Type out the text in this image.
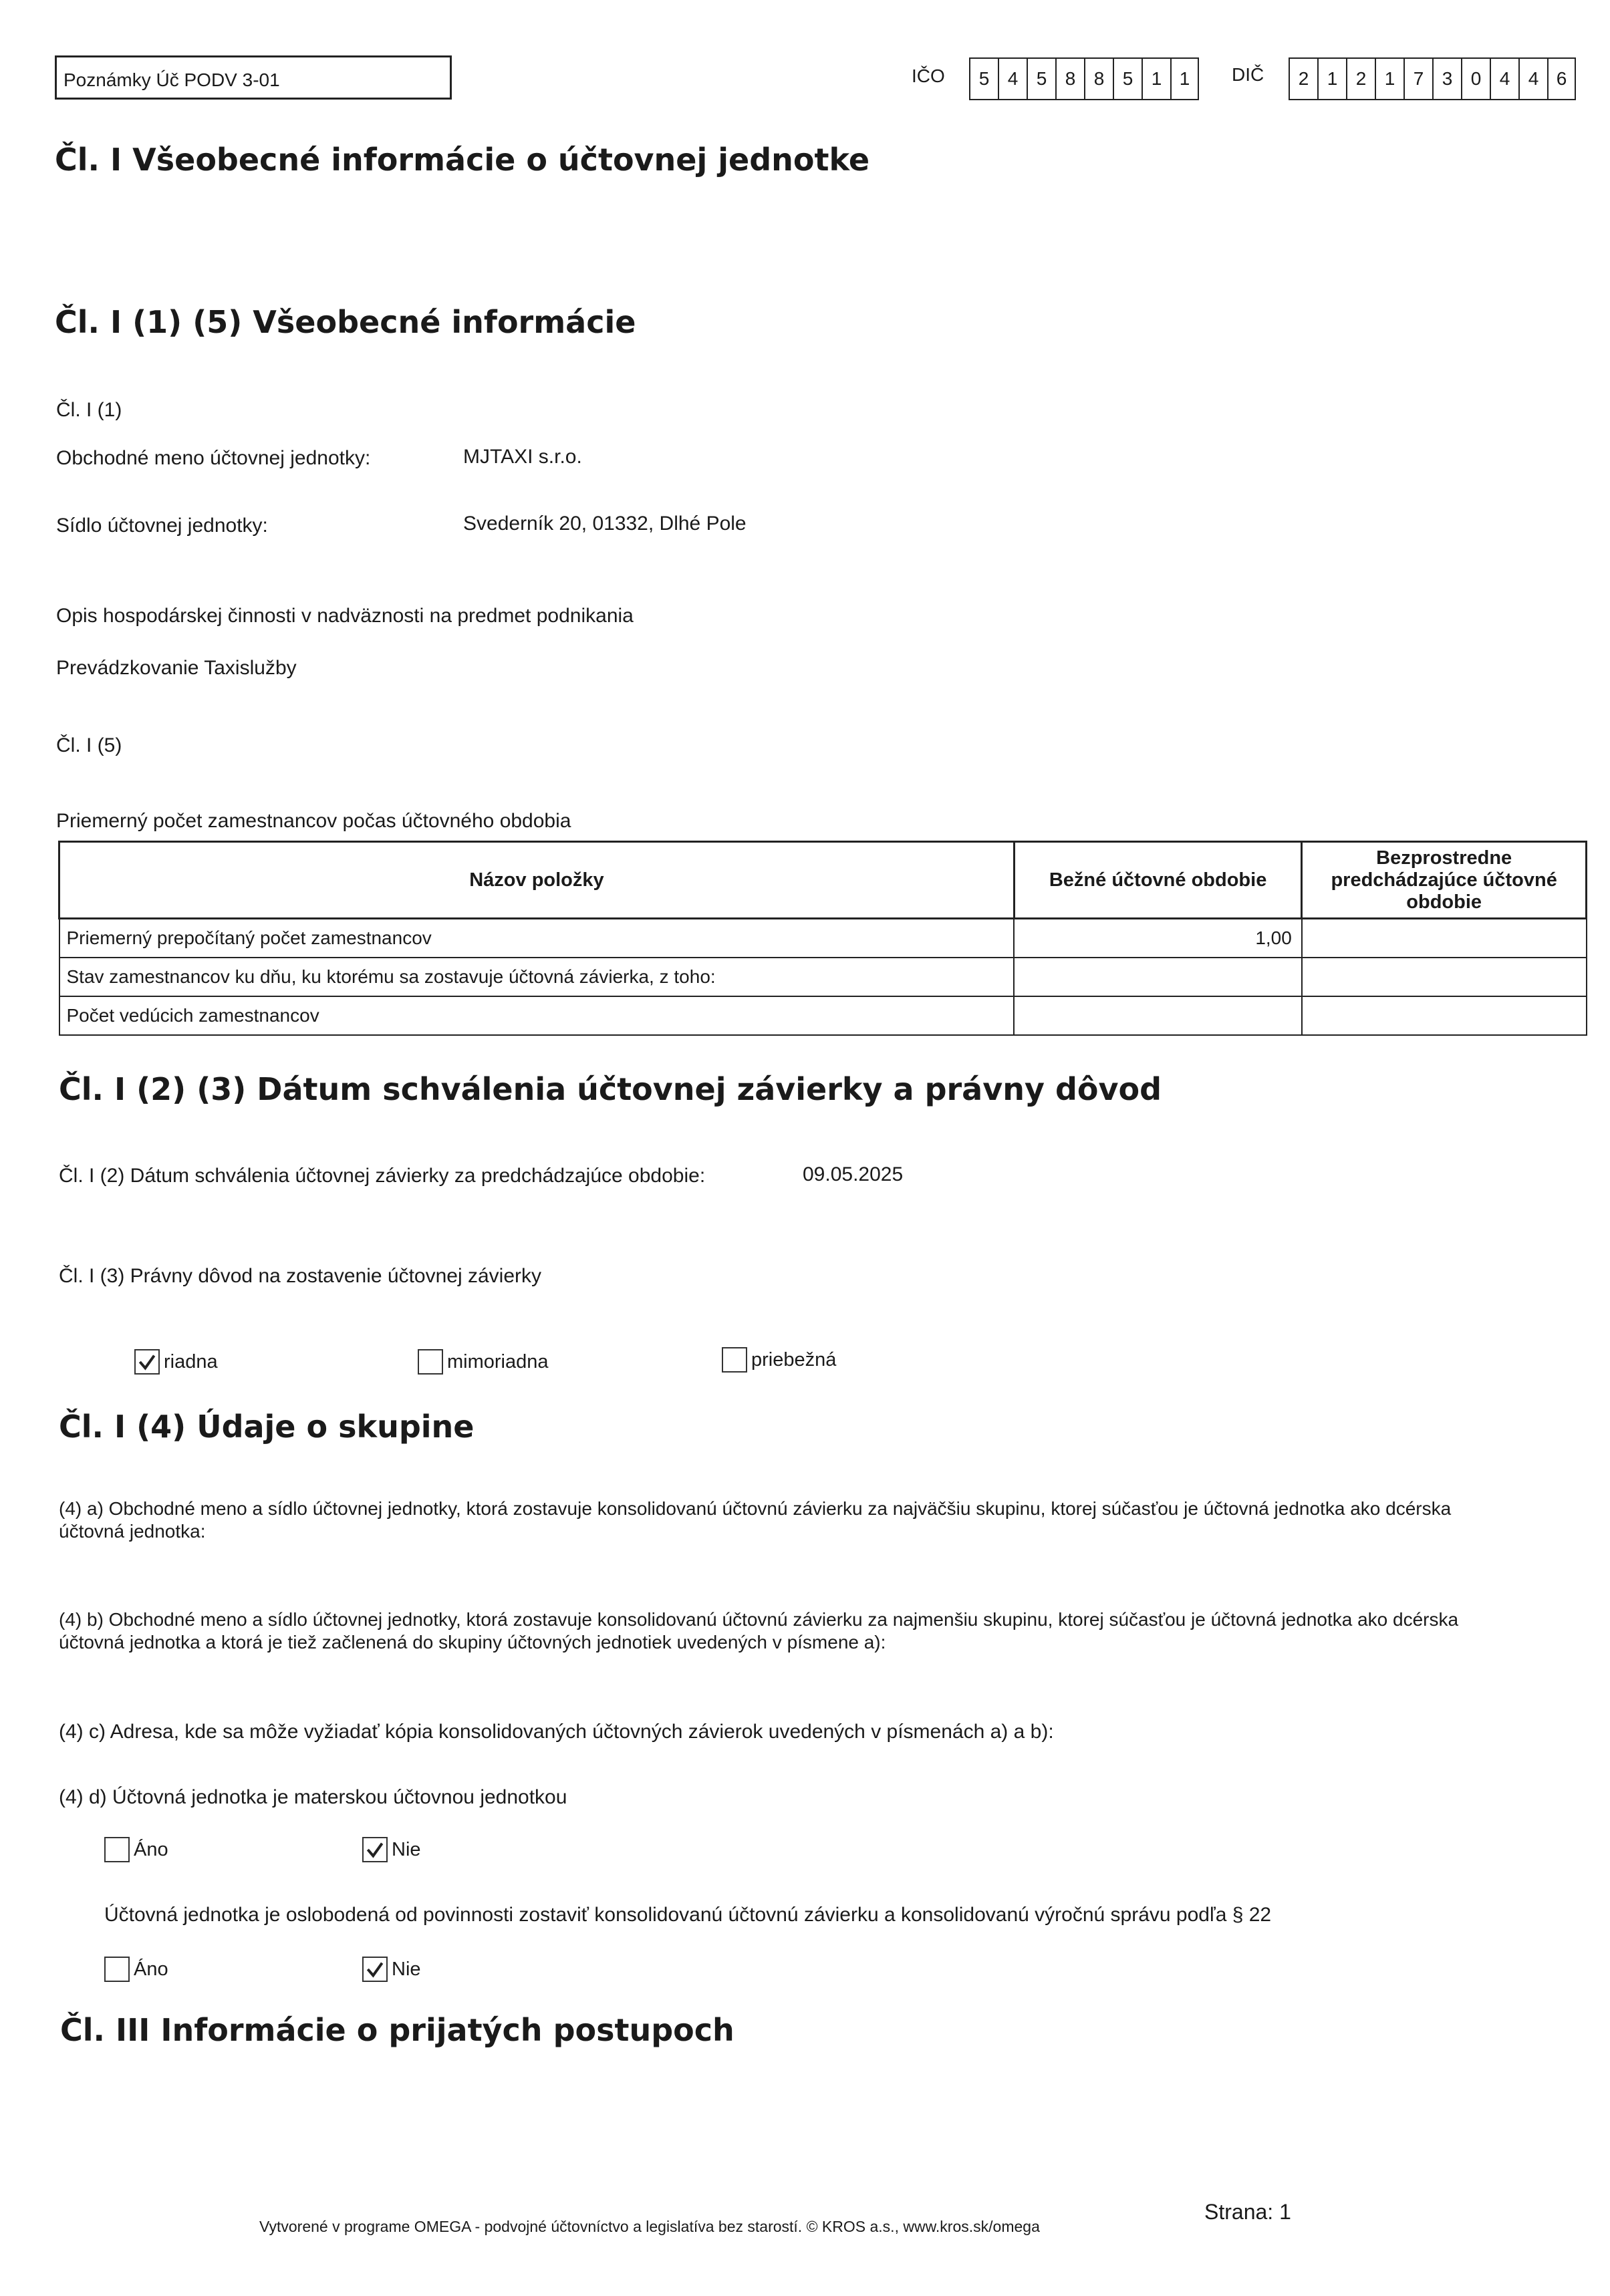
Poznámky Úč PODV 3-01	IČO	5 4 5 8 8 5 1 1	DIČ	2 1 2 1 7 3 0 4 4 6
Čl. I Všeobecné informácie o účtovnej jednotke
Čl. I (1) (5) Všeobecné informácie
Čl. I (1)
Obchodné meno účtovnej jednotky:	MJTAXI s.r.o.
Sídlo účtovnej jednotky:	Svederník 20, 01332, Dlhé Pole
Opis hospodárskej činnosti v nadväznosti na predmet podnikania
Prevádzkovanie Taxislužby
Čl. I (5)
Priemerný počet zamestnancov počas účtovného obdobia
Názov položky	Bežné účtovné obdobie	Bezprostredne predchádzajúce účtovné obdobie
Priemerný prepočítaný počet zamestnancov	1,00	
Stav zamestnancov ku dňu, ku ktorému sa zostavuje účtovná závierka, z toho:		
Počet vedúcich zamestnancov		
Čl. I (2) (3) Dátum schválenia účtovnej závierky a právny dôvod
Čl. I (2) Dátum schválenia účtovnej závierky za predchádzajúce obdobie:	09.05.2025
Čl. I (3) Právny dôvod na zostavenie účtovnej závierky
riadna	mimoriadna	priebežná
Čl. I (4) Údaje o skupine
(4) a) Obchodné meno a sídlo účtovnej jednotky, ktorá zostavuje konsolidovanú účtovnú závierku za najväčšiu skupinu, ktorej súčasťou je účtovná jednotka ako dcérska účtovná jednotka:
(4) b) Obchodné meno a sídlo účtovnej jednotky, ktorá zostavuje konsolidovanú účtovnú závierku za najmenšiu skupinu, ktorej súčasťou je účtovná jednotka ako dcérska účtovná jednotka a ktorá je tiež začlenená do skupiny účtovných jednotiek uvedených v písmene a):
(4) c) Adresa, kde sa môže vyžiadať kópia konsolidovaných účtovných závierok uvedených v písmenách a) a b):
(4) d) Účtovná jednotka je materskou účtovnou jednotkou
Áno	Nie
Účtovná jednotka je oslobodená od povinnosti zostaviť konsolidovanú účtovnú závierku a konsolidovanú výročnú správu podľa § 22
Áno	Nie
Čl. III Informácie o prijatých postupoch
Vytvorené v programe OMEGA - podvojné účtovníctvo a legislatíva bez starostí. © KROS a.s., www.kros.sk/omega
Strana: 1
